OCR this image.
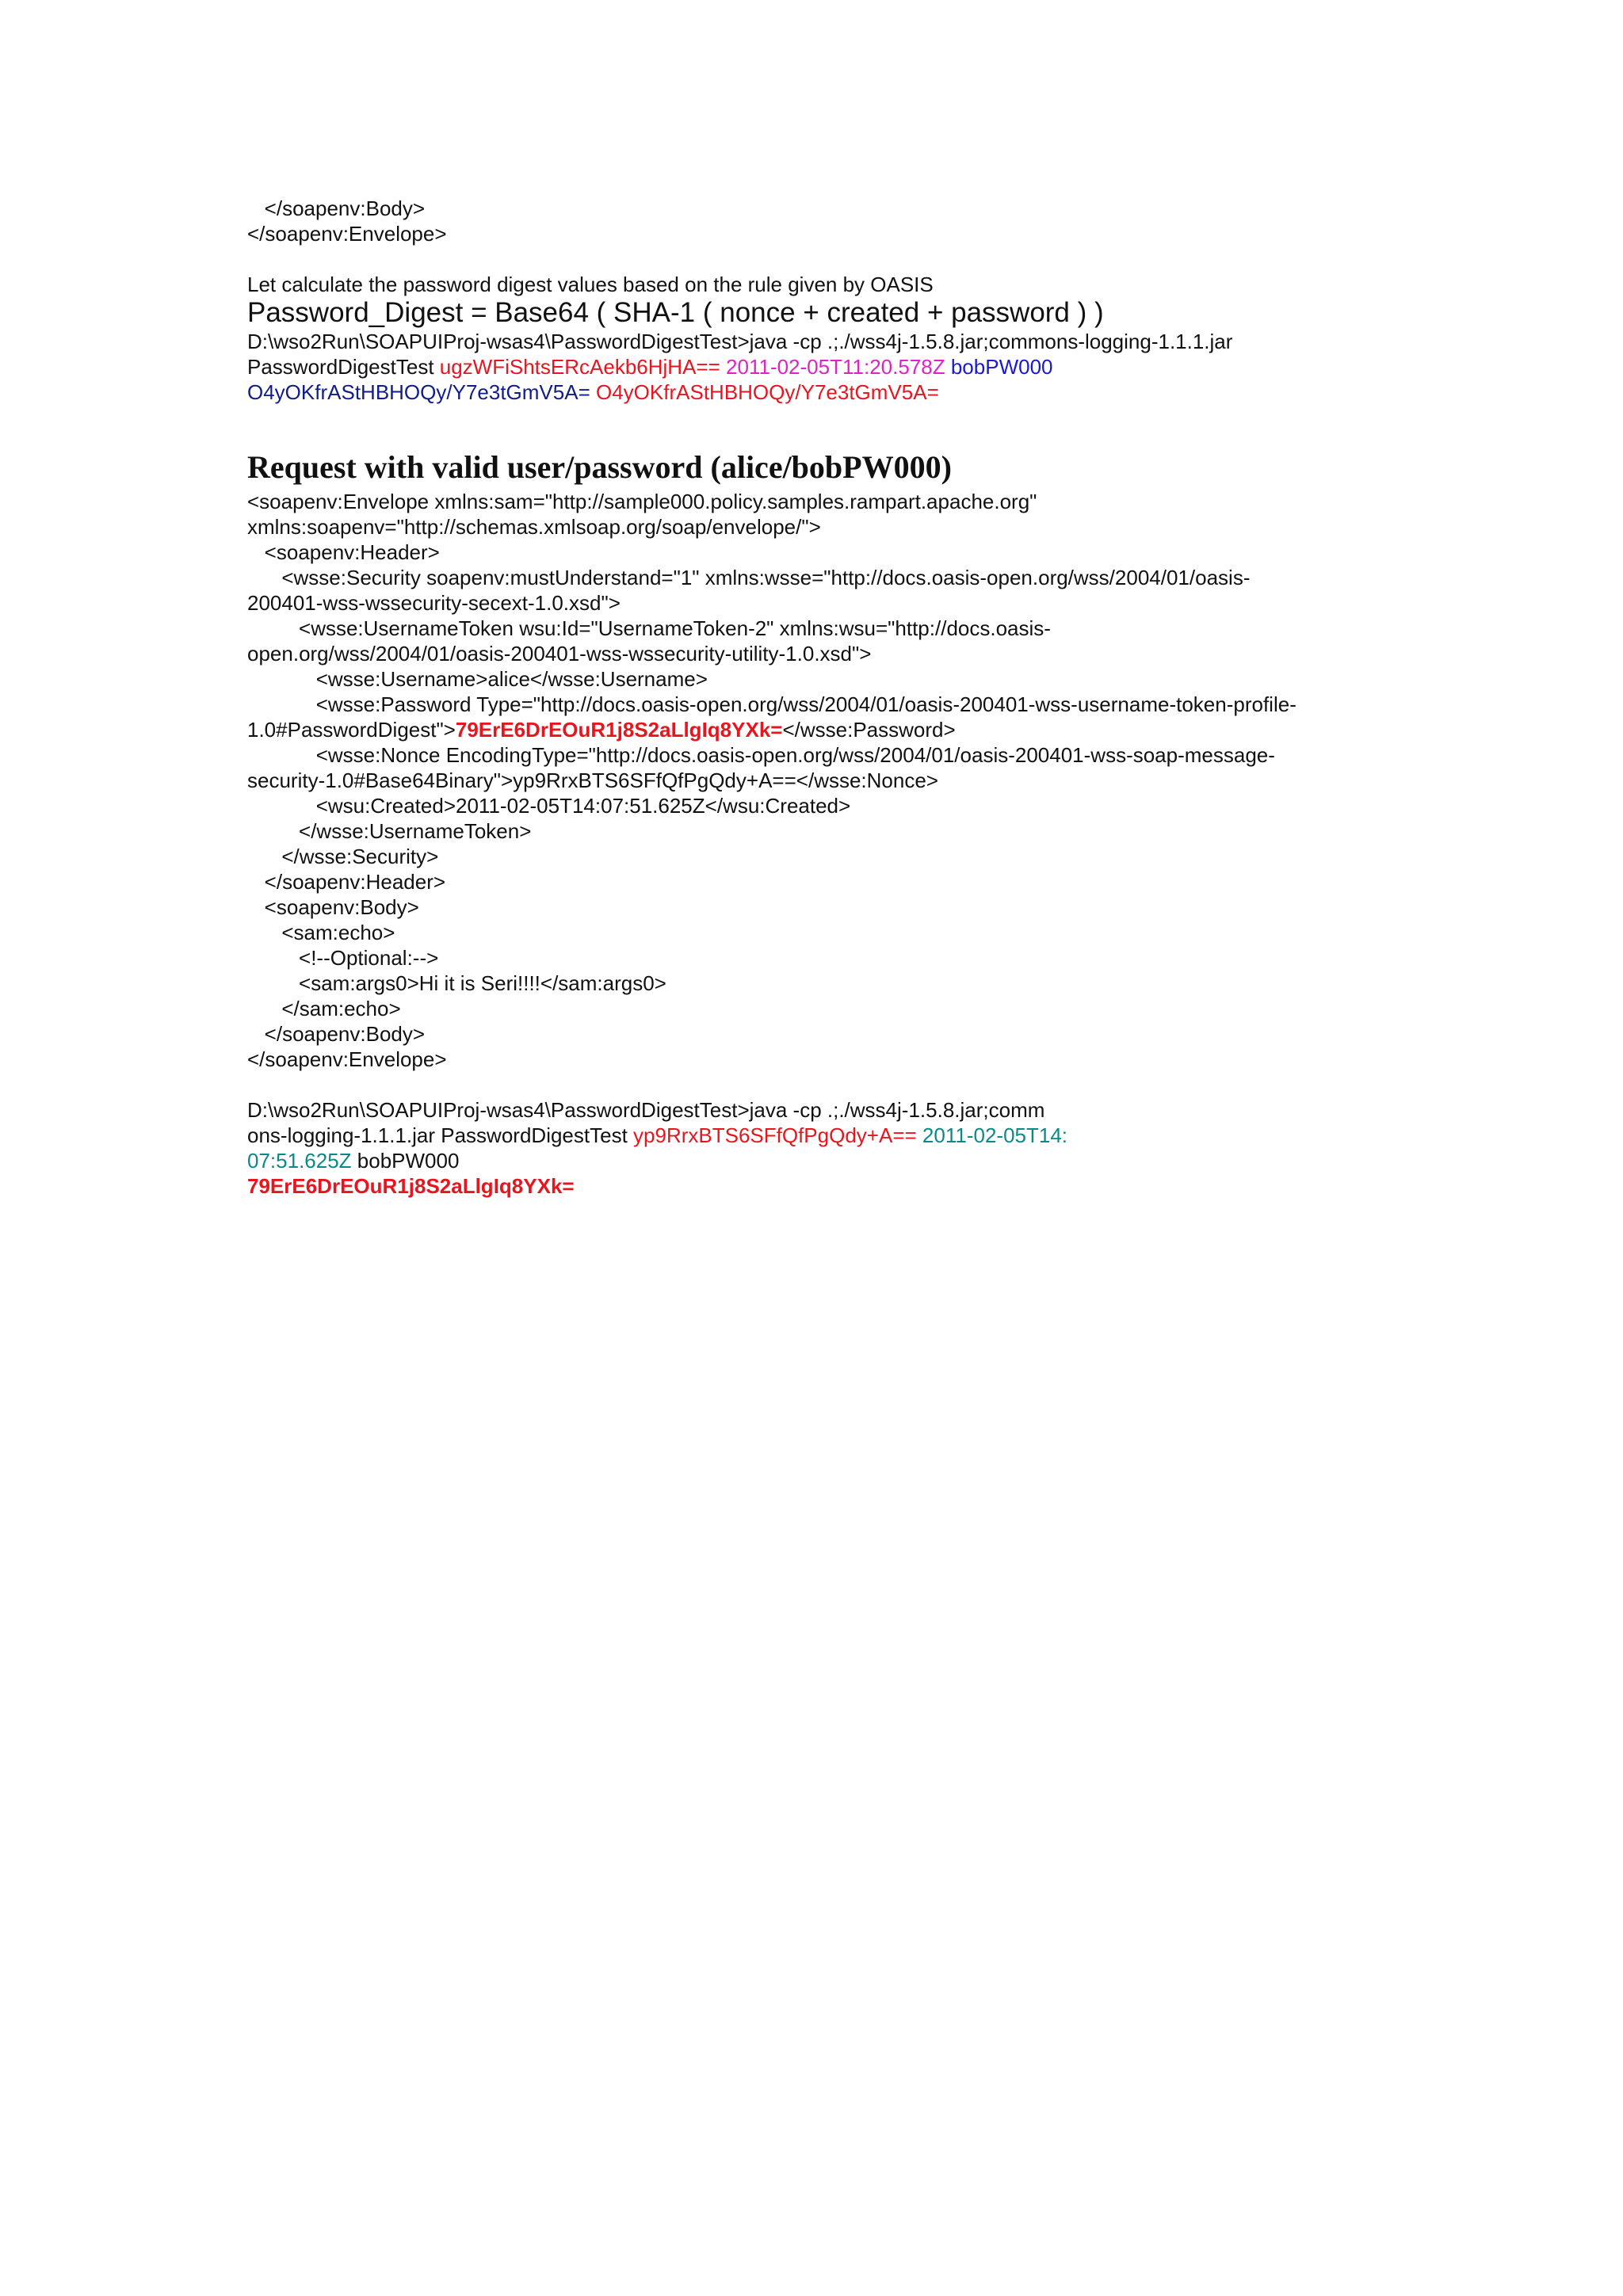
</soapenv:Body>
</soapenv:Envelope>
Let calculate the password digest values based on the rule given by OASIS
Password_Digest = Base64 ( SHA-1 ( nonce + created + password ) )
D:\wso2Run\SOAPUIProj-wsas4\PasswordDigestTest>java -cp .;./wss4j-1.5.8.jar;commons-logging-1.1.1.jar
PasswordDigestTest ugzWFiShtsERcAekb6HjHA== 2011-02-05T11:20.578Z bobPW000
O4yOKfrAStHBHOQy/Y7e3tGmV5A= O4yOKfrAStHBHOQy/Y7e3tGmV5A=
Request with valid user/password (alice/bobPW000)
<soapenv:Envelope xmlns:sam="http://sample000.policy.samples.rampart.apache.org"
xmlns:soapenv="http://schemas.xmlsoap.org/soap/envelope/">
<soapenv:Header>
<wsse:Security soapenv:mustUnderstand="1" xmlns:wsse="http://docs.oasis-open.org/wss/2004/01/oasis-
200401-wss-wssecurity-secext-1.0.xsd">
<wsse:UsernameToken wsu:Id="UsernameToken-2" xmlns:wsu="http://docs.oasis-
open.org/wss/2004/01/oasis-200401-wss-wssecurity-utility-1.0.xsd">
<wsse:Username>alice</wsse:Username>
<wsse:Password Type="http://docs.oasis-open.org/wss/2004/01/oasis-200401-wss-username-token-profile-
1.0#PasswordDigest">79ErE6DrEOuR1j8S2aLlgIq8YXk=</wsse:Password>
<wsse:Nonce EncodingType="http://docs.oasis-open.org/wss/2004/01/oasis-200401-wss-soap-message-
security-1.0#Base64Binary">yp9RrxBTS6SFfQfPgQdy+A==</wsse:Nonce>
<wsu:Created>2011-02-05T14:07:51.625Z</wsu:Created>
</wsse:UsernameToken>
</wsse:Security>
</soapenv:Header>
<soapenv:Body>
<sam:echo>
<!--Optional:-->
<sam:args0>Hi it is Seri!!!!</sam:args0>
</sam:echo>
</soapenv:Body>
</soapenv:Envelope>
D:\wso2Run\SOAPUIProj-wsas4\PasswordDigestTest>java -cp .;./wss4j-1.5.8.jar;comm
ons-logging-1.1.1.jar PasswordDigestTest yp9RrxBTS6SFfQfPgQdy+A== 2011-02-05T14:
07:51.625Z bobPW000
79ErE6DrEOuR1j8S2aLlgIq8YXk=
